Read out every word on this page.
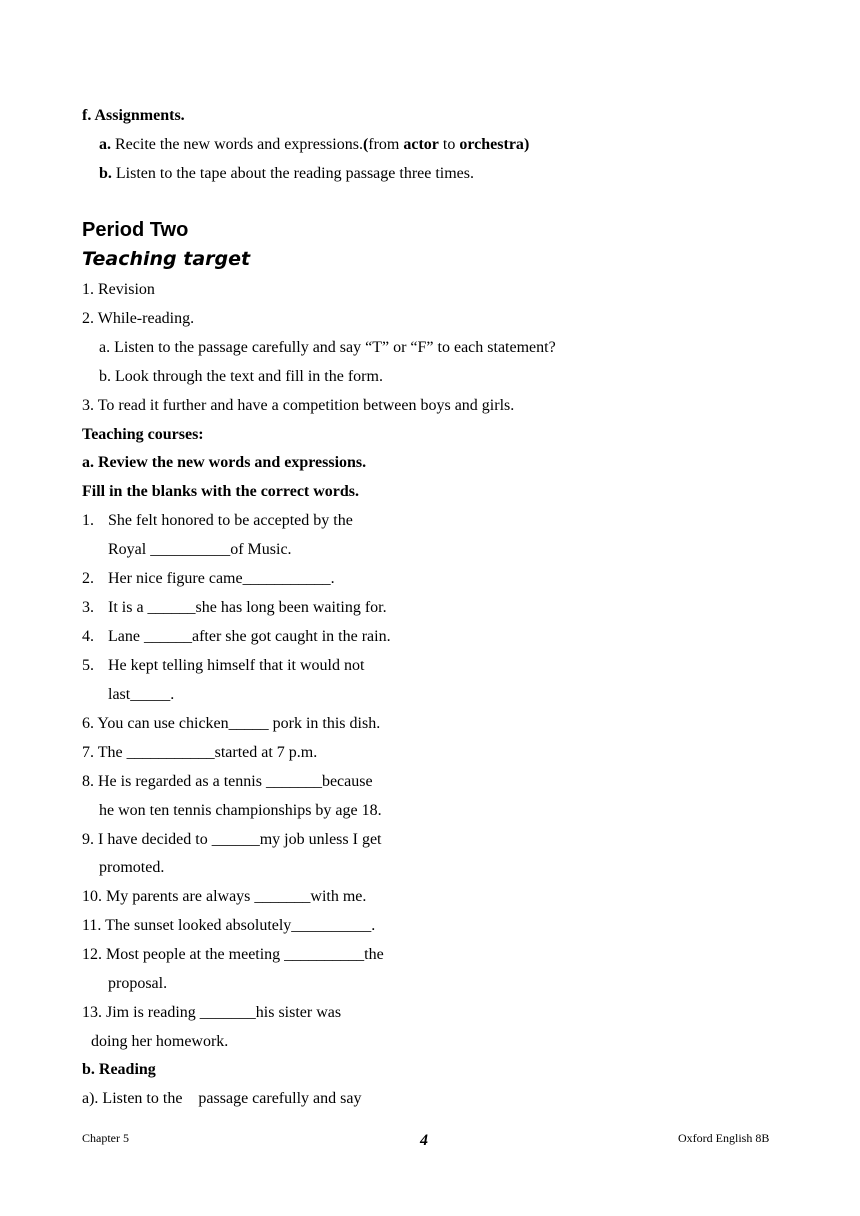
f. Assignments.
a. Recite the new words and expressions.(from actor to orchestra)
b. Listen to the tape about the reading passage three times.
Period Two
Teaching target
1. Revision
2. While-reading.
a. Listen to the passage carefully and say “T” or “F” to each statement?
b. Look through the text and fill in the form.
3. To read it further and have a competition between boys and girls.
Teaching courses:
a. Review the new words and expressions.
Fill in the blanks with the correct words.
1. She felt honored to be accepted by the
Royal __________of Music.
2. Her nice figure came___________.
3. It is a ______she has long been waiting for.
4. Lane ______after she got caught in the rain.
5. He kept telling himself that it would not
last_____.
6. You can use chicken_____ pork in this dish.
7. The ___________started at 7 p.m.
8. He is regarded as a tennis _______because
he won ten tennis championships by age 18.
9. I have decided to ______my job unless I get
promoted.
10. My parents are always _______with me.
11. The sunset looked absolutely__________.
12. Most people at the meeting __________the
proposal.
13. Jim is reading _______his sister was
doing her homework.
b. Reading
a). Listen to the    passage carefully and say
Chapter 5	4	Oxford English 8B
